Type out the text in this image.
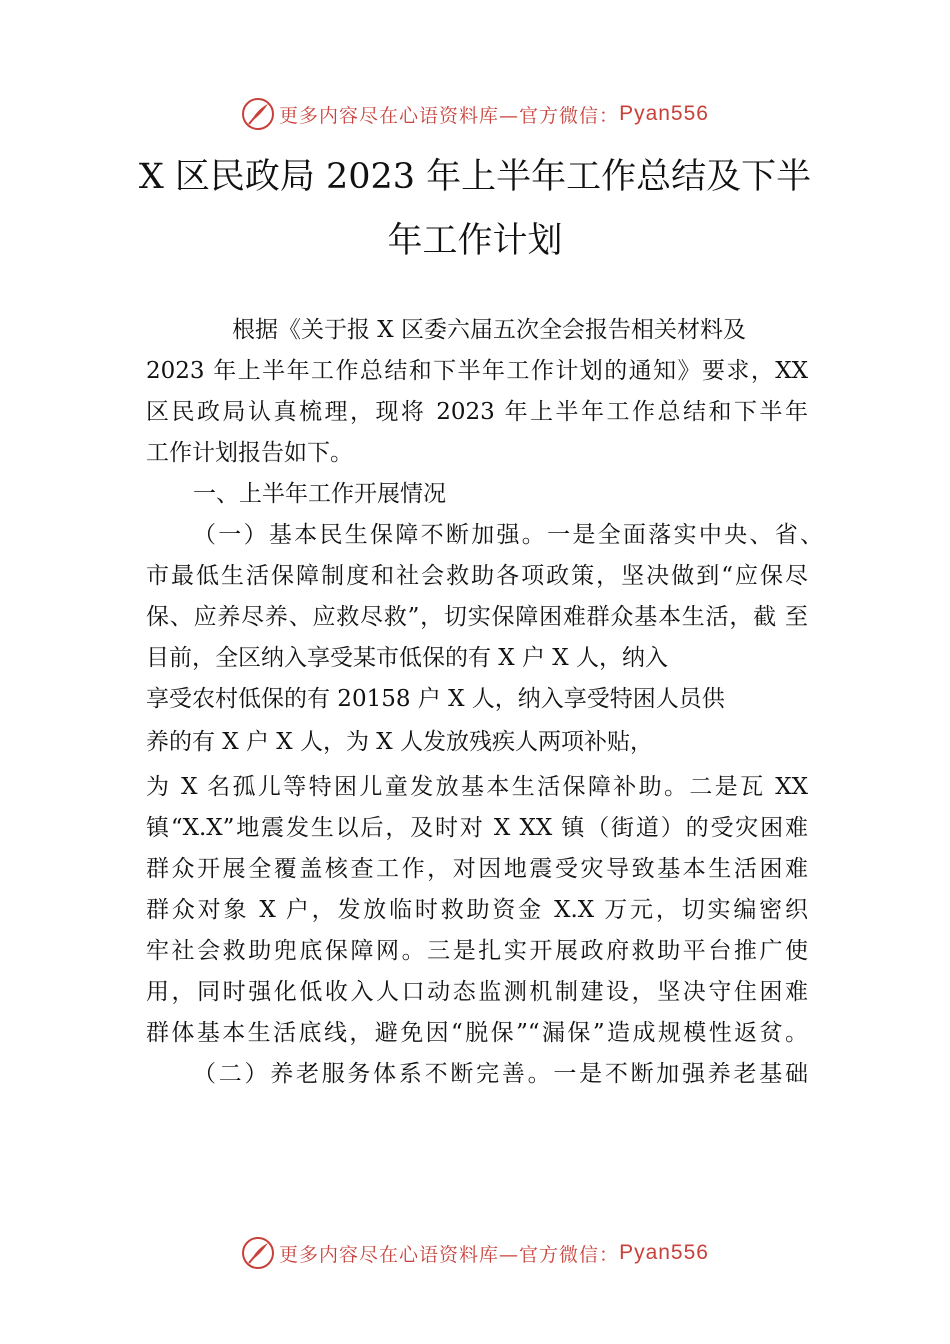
更多内容尽在心语资料库 —官方微信： Pyan556
X 区民政局 2023 年上半年工作总结及下半
年工作计划

根据《关于报 X 区委六届五次全会报告相关材料及

2023 年上半年工作总结和下半年工作计划的通知》要求，XX

区民政局认真梳理，现将 2023 年上半年工作总结和下半年

工作计划报告如下。

一、上半年工作开展情况

（一）基本民生保障不断加强。一是全面落实中央、省、

市最低生活保障制度和社会救助各项政策，坚决做到“应保尽

保、应养尽养、应救尽救”，切实保障困难群众基本生活，截 至

目前，全区纳入享受某市低保的有 X 户 X 人，纳入

享受农村低保的有 20158 户 X 人，纳入享受特困人员供

养的有 X 户 X 人，为 X 人发放残疾人两项补贴，

为 X 名孤儿等特困儿童发放基本生活保障补助。二是瓦 XX

镇“X.X”地震发生以后，及时对 X XX 镇（街道）的受灾困难

群众开展全覆盖核查工作，对因地震受灾导致基本生活困难

群众对象 X 户，发放临时救助资金 X.X 万元，切实编密织

牢社会救助兜底保障网。三是扎实开展政府救助平台推广使

用，同时强化低收入人口动态监测机制建设，坚决守住困难

群体基本生活底线，避免因“脱保”“漏保”造成规模性返贫。

（二）养老服务体系不断完善。一是不断加强养老基础

更多内容尽在心语资料库 —官方微信： Pyan556
